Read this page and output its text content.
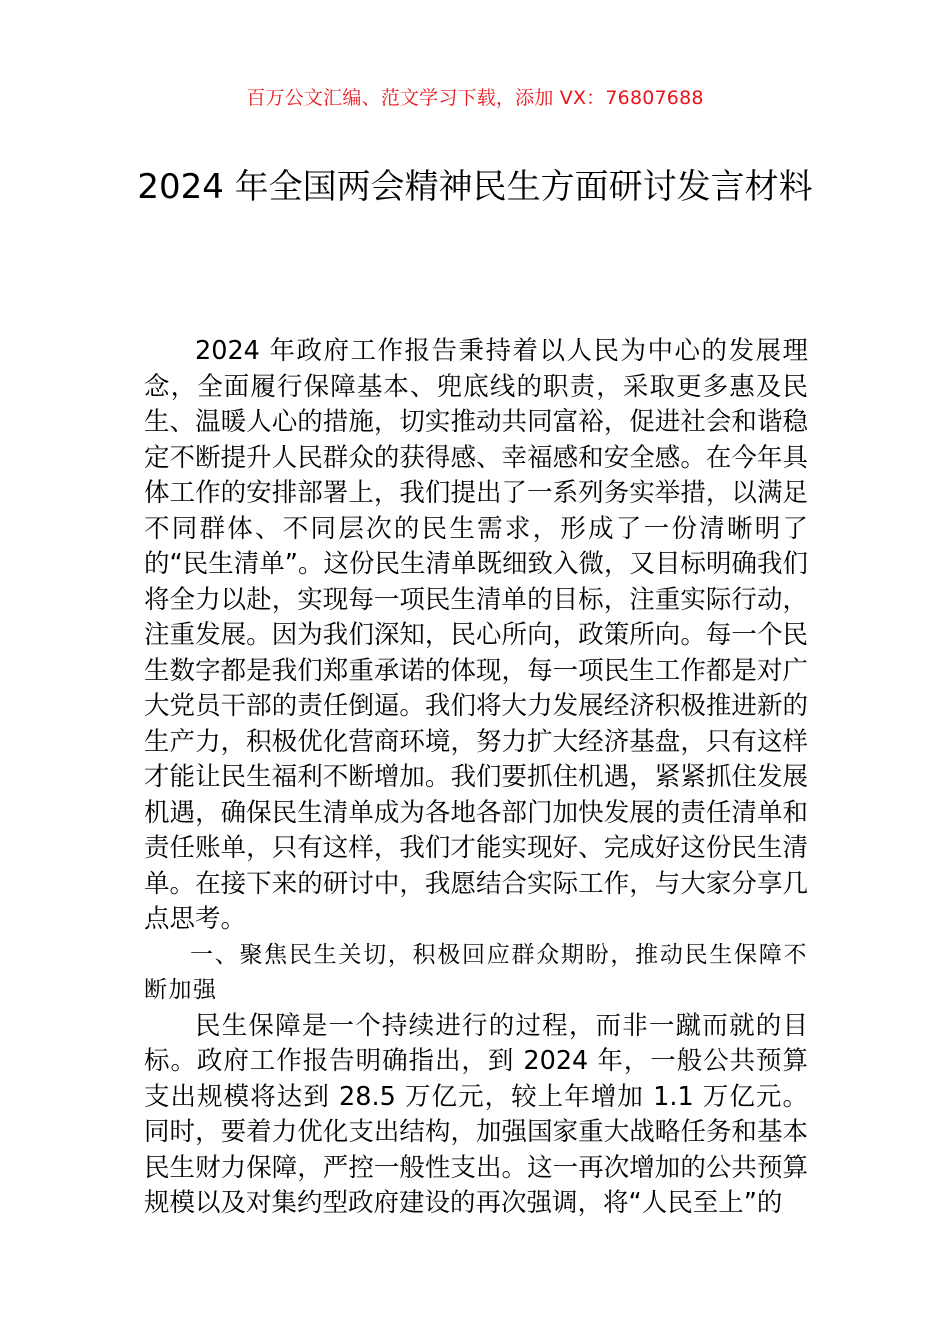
百万公文汇编、范文学习下载，添加 VX：76807688
2024 年全国两会精神民生方面研讨发言材料

2024 年政府工作报告秉持着以人民为中心的发展理念，全面履行保障基本、兜底线的职责，采取更多惠及民生、温暖人心的措施，切实推动共同富裕，促进社会和谐稳定不断提升人民群众的获得感、幸福感和安全感。在今年具体工作的安排部署上，我们提出了一系列务实举措，以满足不同群体、不同层次的民生需求，形成了一份清晰明了的“民生清单”。这份民生清单既细致入微，又目标明确我们将全力以赴，实现每一项民生清单的目标，注重实际行动，注重发展。因为我们深知，民心所向，政策所向。每一个民生数字都是我们郑重承诺的体现，每一项民生工作都是对广大党员干部的责任倒逼。我们将大力发展经济积极推进新的生产力，积极优化营商环境，努力扩大经济基盘，只有这样才能让民生福利不断增加。我们要抓住机遇，紧紧抓住发展机遇，确保民生清单成为各地各部门加快发展的责任清单和责任账单，只有这样，我们才能实现好、完成好这份民生清单。在接下来的研讨中，我愿结合实际工作，与大家分享几点思考。

一、聚焦民生关切，积极回应群众期盼，推动民生保障不断加强

民生保障是一个持续进行的过程，而非一蹴而就的目标。政府工作报告明确指出，到 2024 年，一般公共预算支出规模将达到 28.5 万亿元，较上年增加 1.1 万亿元。同时，要着力优化支出结构，加强国家重大战略任务和基本民生财力保障，严控一般性支出。这一再次增加的公共预算规模以及对集约型政府建设的再次强调，将“人民至上”的
